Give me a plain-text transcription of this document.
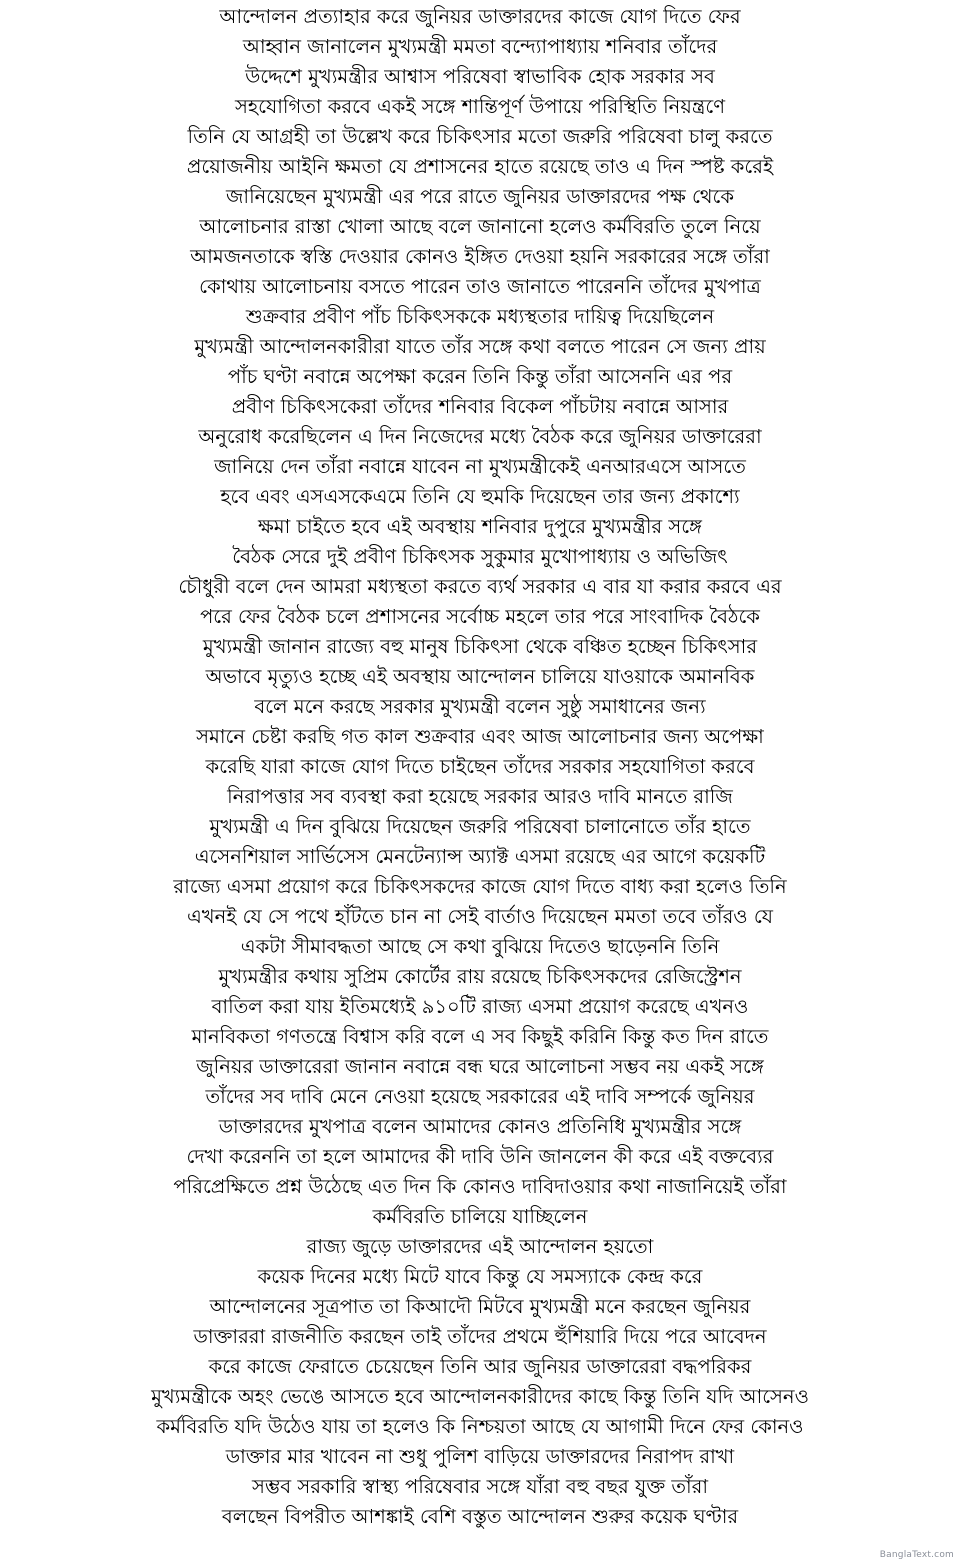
আন্দোলন প্রত্যাহার করে জুনিয়র ডাক্তারদের কাজে যোগ দিতে ফের
আহ্বান জানালেন মুখ্যমন্ত্রী মমতা বন্দ্যোপাধ্যায় শনিবার তাঁদের
উদ্দেশে মুখ্যমন্ত্রীর আশ্বাস পরিষেবা স্বাভাবিক হোক সরকার সব
সহযোগিতা করবে একই সঙ্গে শান্তিপূর্ণ উপায়ে পরিস্থিতি নিয়ন্ত্রণে
তিনি যে আগ্রহী তা উল্লেখ করে চিকিৎসার মতো জরুরি পরিষেবা চালু করতে
প্রয়োজনীয় আইনি ক্ষমতা যে প্রশাসনের হাতে রয়েছে তাও এ দিন স্পষ্ট করেই
জানিয়েছেন মুখ্যমন্ত্রী এর পরে রাতে জুনিয়র ডাক্তারদের পক্ষ থেকে
আলোচনার রাস্তা খোলা আছে বলে জানানো হলেও কর্মবিরতি তুলে নিয়ে
আমজনতাকে স্বস্তি দেওয়ার কোনও ইঙ্গিত দেওয়া হয়নি সরকারের সঙ্গে তাঁরা
কোথায় আলোচনায় বসতে পারেন তাও জানাতে পারেননি তাঁদের মুখপাত্র
শুক্রবার প্রবীণ পাঁচ চিকিৎসককে মধ্যস্থতার দায়িত্ব দিয়েছিলেন
মুখ্যমন্ত্রী আন্দোলনকারীরা যাতে তাঁর সঙ্গে কথা বলতে পারেন সে জন্য প্রায়
পাঁচ ঘণ্টা নবান্নে অপেক্ষা করেন তিনি কিন্তু তাঁরা আসেননি এর পর
প্রবীণ চিকিৎসকেরা তাঁদের শনিবার বিকেল পাঁচটায় নবান্নে আসার
অনুরোধ করেছিলেন এ দিন নিজেদের মধ্যে বৈঠক করে জুনিয়র ডাক্তারেরা
জানিয়ে দেন তাঁরা নবান্নে যাবেন না মুখ্যমন্ত্রীকেই এনআরএসে আসতে
হবে এবং এসএসকেএমে তিনি যে হুমকি দিয়েছেন তার জন্য প্রকাশ্যে
ক্ষমা চাইতে হবে এই অবস্থায় শনিবার দুপুরে মুখ্যমন্ত্রীর সঙ্গে
বৈঠক সেরে দুই প্রবীণ চিকিৎসক সুকুমার মুখোপাধ্যায় ও অভিজিৎ
চৌধুরী বলে দেন আমরা মধ্যস্থতা করতে ব্যর্থ সরকার এ বার যা করার করবে এর
পরে ফের বৈঠক চলে প্রশাসনের সর্বোচ্চ মহলে তার পরে সাংবাদিক বৈঠকে
মুখ্যমন্ত্রী জানান রাজ্যে বহু মানুষ চিকিৎসা থেকে বঞ্চিত হচ্ছেন চিকিৎসার
অভাবে মৃত্যুও হচ্ছে এই অবস্থায় আন্দোলন চালিয়ে যাওয়াকে অমানবিক
বলে মনে করছে সরকার মুখ্যমন্ত্রী বলেন সুষ্ঠু সমাধানের জন্য
সমানে চেষ্টা করছি গত কাল শুক্রবার এবং আজ আলোচনার জন্য অপেক্ষা
করেছি যারা কাজে যোগ দিতে চাইছেন তাঁদের সরকার সহযোগিতা করবে
নিরাপত্তার সব ব্যবস্থা করা হয়েছে সরকার আরও দাবি মানতে রাজি
মুখ্যমন্ত্রী এ দিন বুঝিয়ে দিয়েছেন জরুরি পরিষেবা চালানোতে তাঁর হাতে
এসেনশিয়াল সার্ভিসেস মেনটেন্যান্স অ্যাক্ট এসমা রয়েছে এর আগে কয়েকটি
রাজ্যে এসমা প্রয়োগ করে চিকিৎসকদের কাজে যোগ দিতে বাধ্য করা হলেও তিনি
এখনই যে সে পথে হাঁটতে চান না সেই বার্তাও দিয়েছেন মমতা তবে তাঁরও যে
একটা সীমাবদ্ধতা আছে সে কথা বুঝিয়ে দিতেও ছাড়েননি তিনি
মুখ্যমন্ত্রীর কথায় সুপ্রিম কোর্টের রায় রয়েছে চিকিৎসকদের রেজিস্ট্রেশন
বাতিল করা যায় ইতিমধ্যেই ৯১০টি রাজ্য এসমা প্রয়োগ করেছে এখনও
মানবিকতা গণতন্ত্রে বিশ্বাস করি বলে এ সব কিছুই করিনি কিন্তু কত দিন রাতে
জুনিয়র ডাক্তারেরা জানান নবান্নে বন্ধ ঘরে আলোচনা সম্ভব নয় একই সঙ্গে
তাঁদের সব দাবি মেনে নেওয়া হয়েছে সরকারের এই দাবি সম্পর্কে জুনিয়র
ডাক্তারদের মুখপাত্র বলেন আমাদের কোনও প্রতিনিধি মুখ্যমন্ত্রীর সঙ্গে
দেখা করেননি তা হলে আমাদের কী দাবি উনি জানলেন কী করে এই বক্তব্যের
পরিপ্রেক্ষিতে প্রশ্ন উঠেছে এত দিন কি কোনও দাবিদাওয়ার কথা নাজানিয়েই তাঁরা
কর্মবিরতি চালিয়ে যাচ্ছিলেন
রাজ্য জুড়ে ডাক্তারদের এই আন্দোলন হয়তো
কয়েক দিনের মধ্যে মিটে যাবে কিন্তু যে সমস্যাকে কেন্দ্র করে
আন্দোলনের সূত্রপাত তা কিআদৌ মিটবে মুখ্যমন্ত্রী মনে করছেন জুনিয়র
ডাক্তাররা রাজনীতি করছেন তাই তাঁদের প্রথমে হুঁশিয়ারি দিয়ে পরে আবেদন
করে কাজে ফেরাতে চেয়েছেন তিনি আর জুনিয়র ডাক্তারেরা বদ্ধপরিকর
মুখ্যমন্ত্রীকে অহং ভেঙে আসতে হবে আন্দোলনকারীদের কাছে কিন্তু তিনি যদি আসেনও
কর্মবিরতি যদি উঠেও যায় তা হলেও কি নিশ্চয়তা আছে যে আগামী দিনে ফের কোনও
ডাক্তার মার খাবেন না শুধু পুলিশ বাড়িয়ে ডাক্তারদের নিরাপদ রাখা
সম্ভব সরকারি স্বাস্থ্য পরিষেবার সঙ্গে যাঁরা বহু বছর যুক্ত তাঁরা
বলছেন বিপরীত আশঙ্কাই বেশি বস্তুত আন্দোলন শুরুর কয়েক ঘণ্টার
BanglaText.com
